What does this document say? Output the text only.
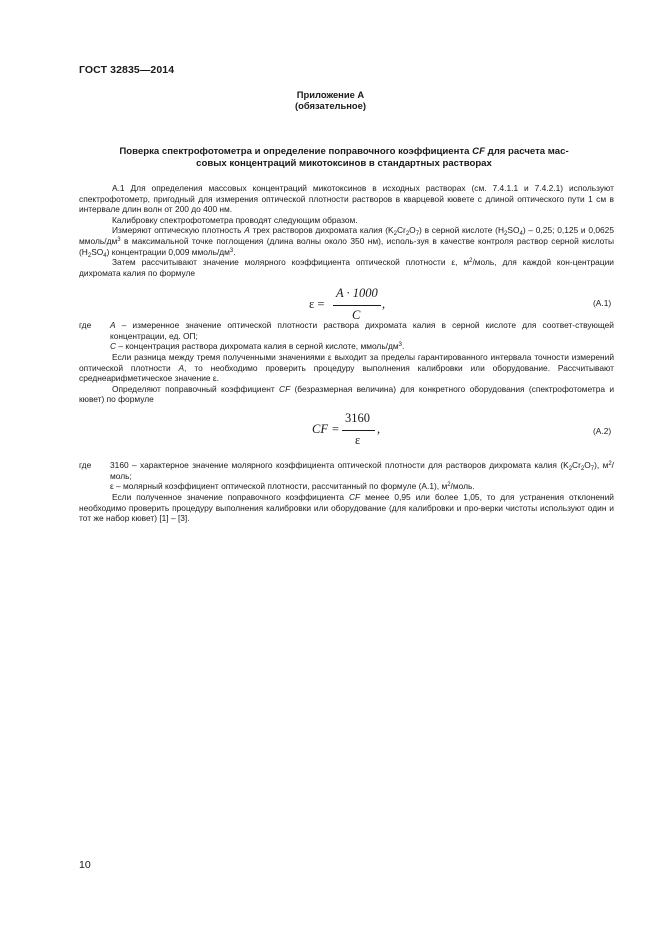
ГОСТ 32835—2014
Приложение А
(обязательное)
Поверка спектрофотометра и определение поправочного коэффициента CF для расчета мас-
совых концентраций микотоксинов в стандартных растворах

А.1 Для определения массовых концентраций микотоксинов в исходных растворах (см. 7.4.1.1 и 7.4.2.1) используют спектрофотометр, пригодный для измерения оптической плотности растворов в кварцевой кювете с длиной оптического пути 1 см в интервале длин волн от 200 до 400 нм.

Калибровку спектрофотометра проводят следующим образом.

Измеряют оптическую плотность А трех растворов дихромата калия $(K_2Cr_2O_7)$ в серной кислоте $(H_2SO_4) - 0,25$; 0,125 и 0,0625 ммоль/$дм^3$ в максимальной точке поглощения (длина волны около 350 нм), исполь-зуя в качестве контроля раствор серной кислоты $(H_2SO_4)$ концентрации 0,009 ммоль/$дм^3$.

Затем рассчитывают значение молярного коэффициента оптической плотности ε, $м^2$/моль, для каждой кон-центрации дихромата калия по формуле

ε =
A · 1000
C
,	(А.1)
где A – измеренное значение оптической плотности раствора дихромата калия в серной кислоте для соответ-ствующей концентрации, ед. ОП;

C – концентрация раствора дихромата калия в серной кислоте, ммоль/$дм^3$.

Если разница между тремя полученными значениями ε выходит за пределы гарантированного интервала точности измерений оптической плотности А, то необходимо проверить процедуру выполнения калибровки или оборудование. Рассчитывают среднеарифметическое значение ε.

Определяют поправочный коэффициент CF (безразмерная величина) для конкретного оборудования (спектрофотометра и кювет) по формуле

CF =
3160
ε
,	(А.2)
где 3160 – характерное значение молярного коэффициента оптической плотности для растворов дихромата калия $(K_2Cr_2O_7)$, $м^2$/моль;

ε – молярный коэффициент оптической плотности, рассчитанный по формуле (А.1), $м^2$/моль.

Если полученное значение поправочного коэффициента CF менее 0,95 или более 1,05, то для устранения отклонений необходимо проверить процедуру выполнения калибровки или оборудование (для калибровки и про-верки чистоты используют один и тот же набор кювет) [1] – [3].

10
